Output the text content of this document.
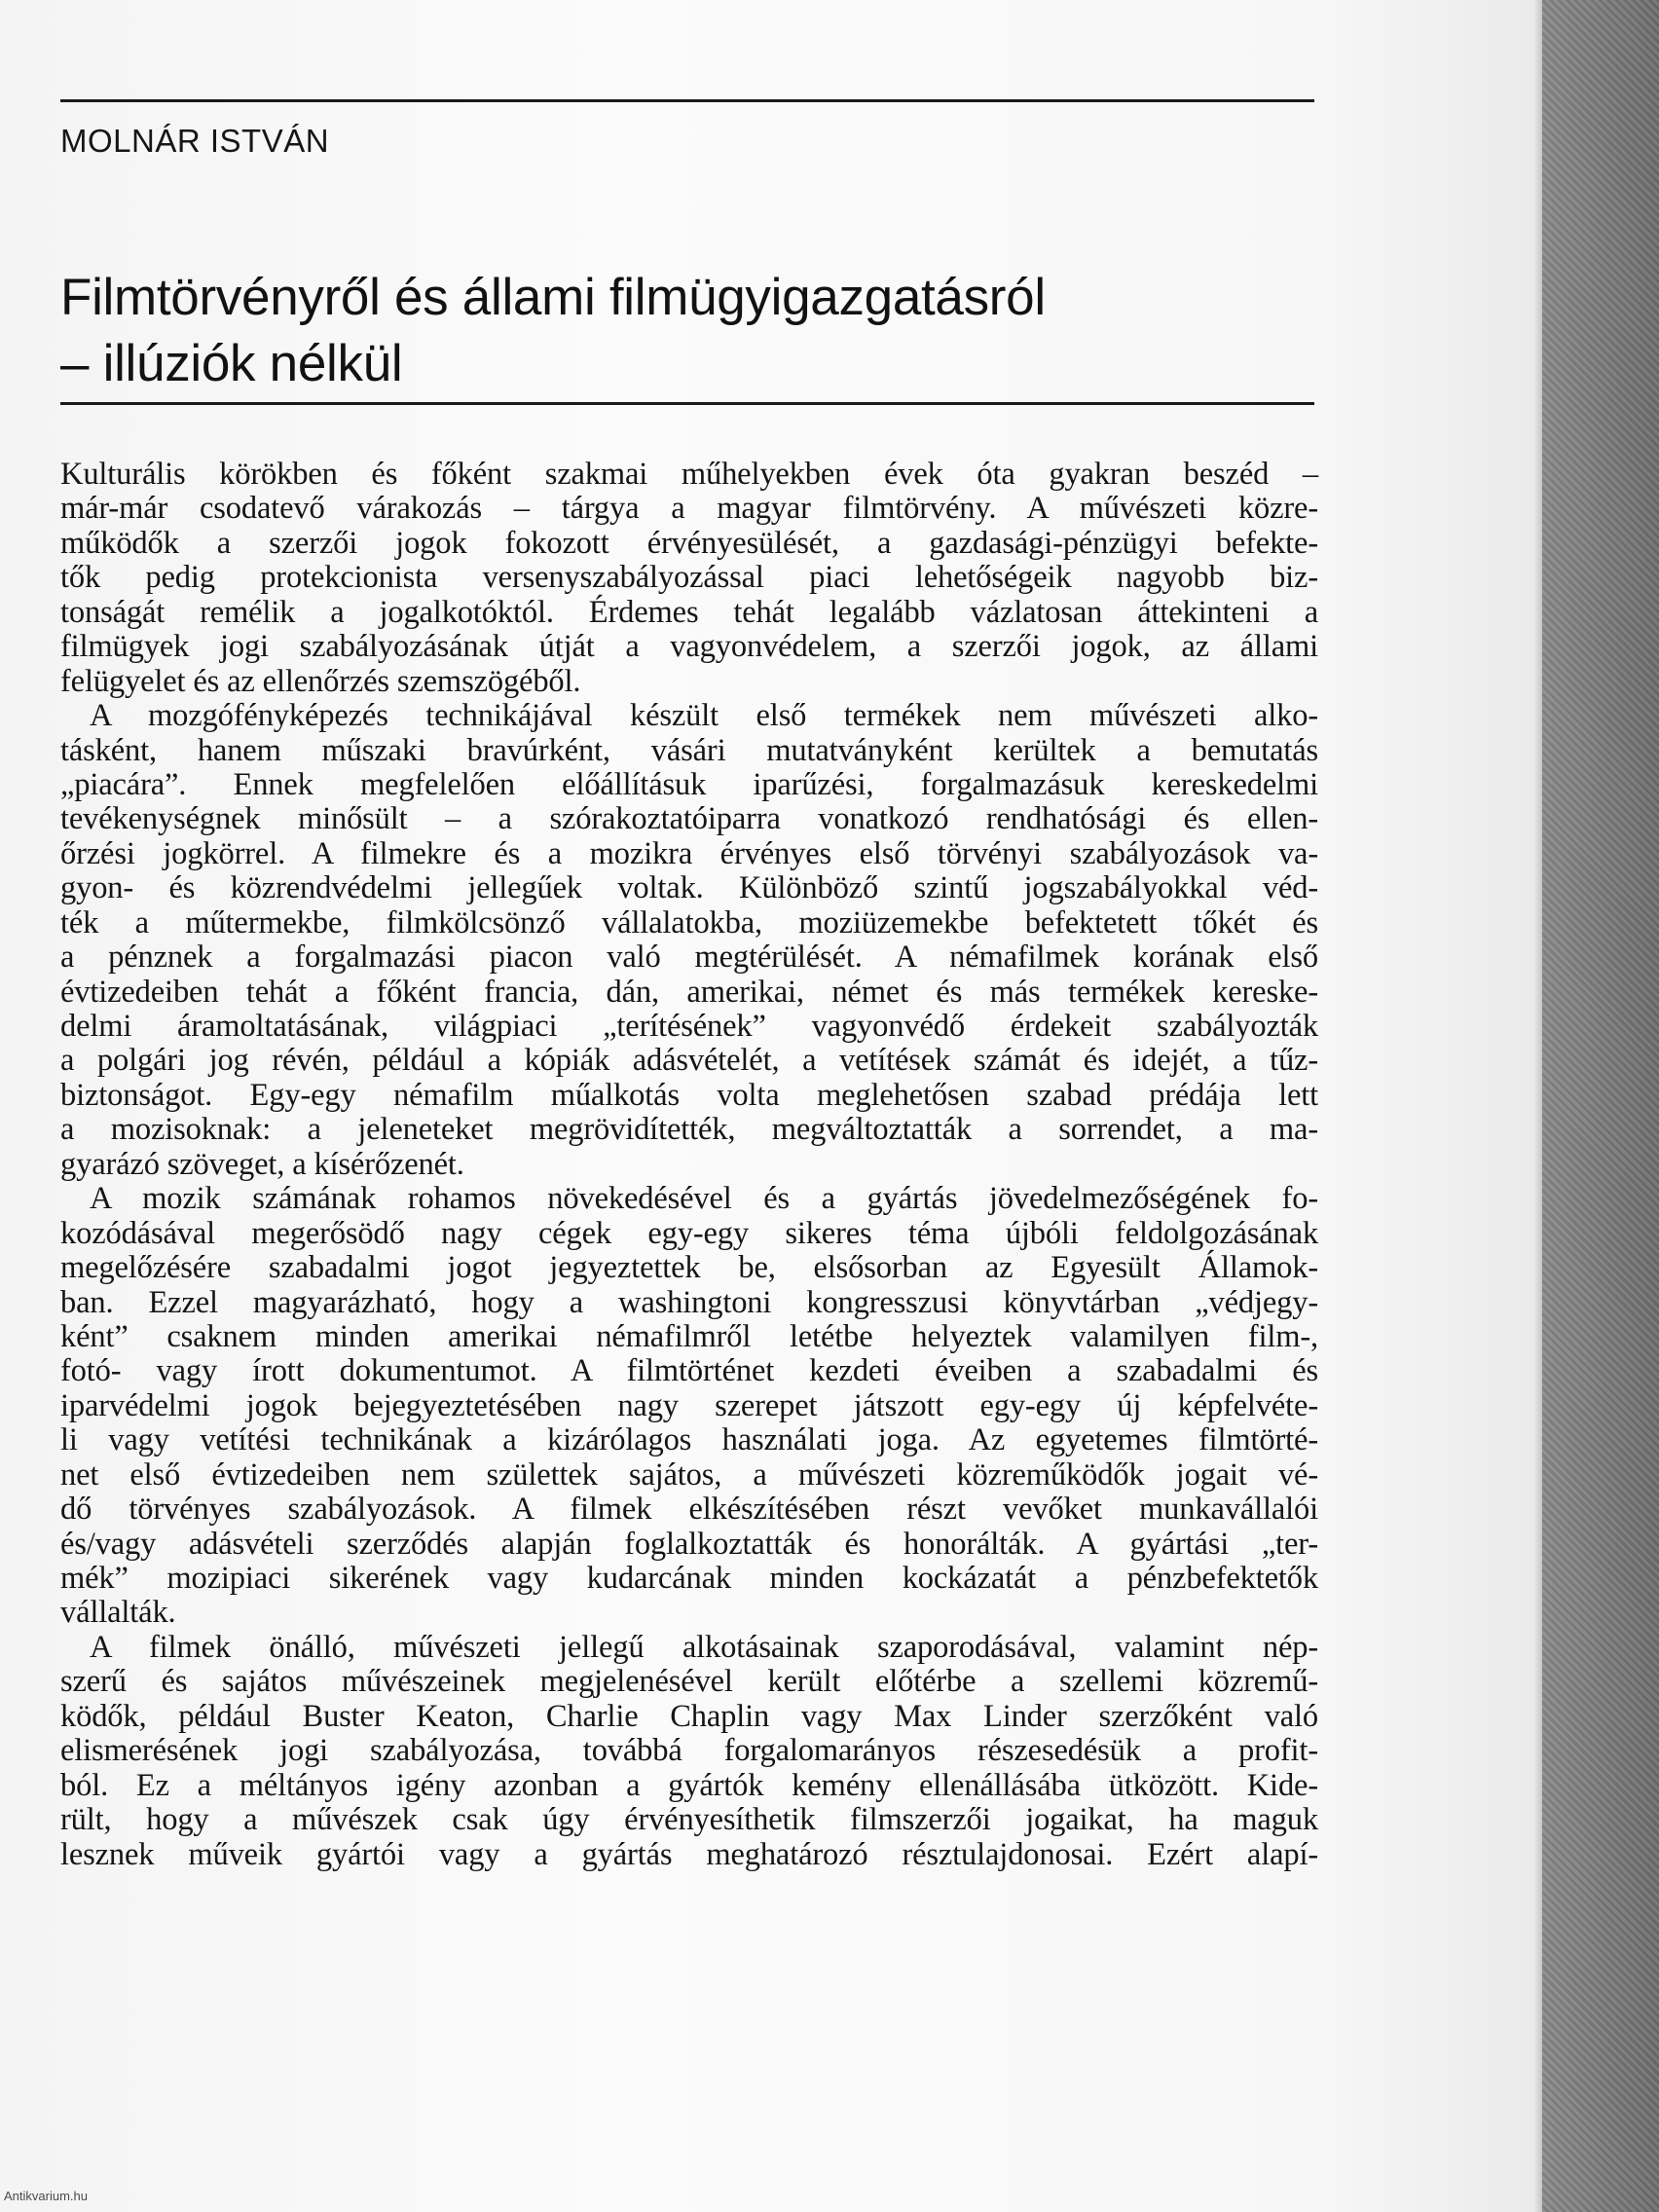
MOLNÁR ISTVÁN

Filmtörvényről és állami filmügyigazgatásról
– illúziók nélkül

Kulturális körökben és főként szakmai műhelyekben évek óta gyakran beszéd –
már-már csodatevő várakozás – tárgya a magyar filmtörvény. A művészeti közre-
működők a szerzői jogok fokozott érvényesülését, a gazdasági-pénzügyi befekte-
tők pedig protekcionista versenyszabályozással piaci lehetőségeik nagyobb biz-
tonságát remélik a jogalkotóktól. Érdemes tehát legalább vázlatosan áttekinteni a
filmügyek jogi szabályozásának útját a vagyonvédelem, a szerzői jogok, az állami
felügyelet és az ellenőrzés szemszögéből.

A mozgófényképezés technikájával készült első termékek nem művészeti alko-
tásként, hanem műszaki bravúrként, vásári mutatványként kerültek a bemutatás
„piacára”. Ennek megfelelően előállításuk iparűzési, forgalmazásuk kereskedelmi
tevékenységnek minősült – a szórakoztatóiparra vonatkozó rendhatósági és ellen-
őrzési jogkörrel. A filmekre és a mozikra érvényes első törvényi szabályozások va-
gyon- és közrendvédelmi jellegűek voltak. Különböző szintű jogszabályokkal véd-
ték a műtermekbe, filmkölcsönző vállalatokba, moziüzemekbe befektetett tőkét és
a pénznek a forgalmazási piacon való megtérülését. A némafilmek korának első
évtizedeiben tehát a főként francia, dán, amerikai, német és más termékek kereske-
delmi áramoltatásának, világpiaci „terítésének” vagyonvédő érdekeit szabályozták
a polgári jog révén, például a kópiák adásvételét, a vetítések számát és idejét, a tűz-
biztonságot. Egy-egy némafilm műalkotás volta meglehetősen szabad prédája lett
a mozisoknak: a jeleneteket megrövidítették, megváltoztatták a sorrendet, a ma-
gyarázó szöveget, a kísérőzenét.

A mozik számának rohamos növekedésével és a gyártás jövedelmezőségének fo-
kozódásával megerősödő nagy cégek egy-egy sikeres téma újbóli feldolgozásának
megelőzésére szabadalmi jogot jegyeztettek be, elsősorban az Egyesült Államok-
ban. Ezzel magyarázható, hogy a washingtoni kongresszusi könyvtárban „védjegy-
ként” csaknem minden amerikai némafilmről letétbe helyeztek valamilyen film-,
fotó- vagy írott dokumentumot. A filmtörténet kezdeti éveiben a szabadalmi és
iparvédelmi jogok bejegyeztetésében nagy szerepet játszott egy-egy új képfelvéte-
li vagy vetítési technikának a kizárólagos használati joga. Az egyetemes filmtörté-
net első évtizedeiben nem születtek sajátos, a művészeti közreműködők jogait vé-
dő törvényes szabályozások. A filmek elkészítésében részt vevőket munkavállalói
és/vagy adásvételi szerződés alapján foglalkoztatták és honorálták. A gyártási „ter-
mék” mozipiaci sikerének vagy kudarcának minden kockázatát a pénzbefektetők
vállalták.

A filmek önálló, művészeti jellegű alkotásainak szaporodásával, valamint nép-
szerű és sajátos művészeinek megjelenésével került előtérbe a szellemi közremű-
ködők, például Buster Keaton, Charlie Chaplin vagy Max Linder szerzőként való
elismerésének jogi szabályozása, továbbá forgalomarányos részesedésük a profit-
ból. Ez a méltányos igény azonban a gyártók kemény ellenállásába ütközött. Kide-
rült, hogy a művészek csak úgy érvényesíthetik filmszerzői jogaikat, ha maguk
lesznek műveik gyártói vagy a gyártás meghatározó résztulajdonosai. Ezért alapí-

Antikvarium.hu
